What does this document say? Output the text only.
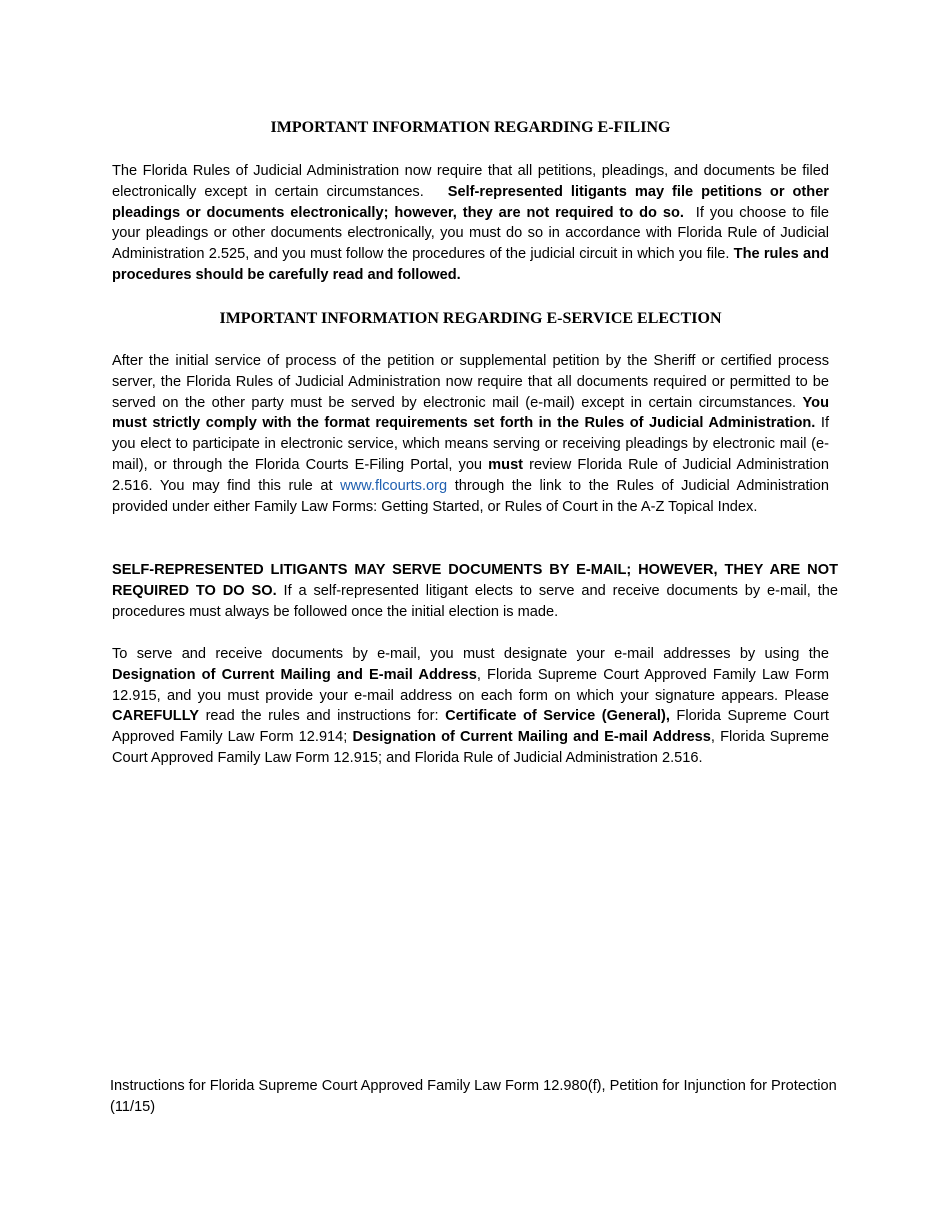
IMPORTANT INFORMATION REGARDING E-FILING

The Florida Rules of Judicial Administration now require that all petitions, pleadings, and documents be filed electronically except in certain circumstances. Self-represented litigants may file petitions or other pleadings or documents electronically; however, they are not required to do so. If you choose to file your pleadings or other documents electronically, you must do so in accordance with Florida Rule of Judicial Administration 2.525, and you must follow the procedures of the judicial circuit in which you file. The rules and procedures should be carefully read and followed.

IMPORTANT INFORMATION REGARDING E-SERVICE ELECTION

After the initial service of process of the petition or supplemental petition by the Sheriff or certified process server, the Florida Rules of Judicial Administration now require that all documents required or permitted to be served on the other party must be served by electronic mail (e-mail) except in certain circumstances. You must strictly comply with the format requirements set forth in the Rules of Judicial Administration. If you elect to participate in electronic service, which means serving or receiving pleadings by electronic mail (e-mail), or through the Florida Courts E-Filing Portal, you must review Florida Rule of Judicial Administration 2.516. You may find this rule at www.flcourts.org through the link to the Rules of Judicial Administration provided under either Family Law Forms: Getting Started, or Rules of Court in the A-Z Topical Index.

SELF-REPRESENTED LITIGANTS MAY SERVE DOCUMENTS BY E-MAIL; HOWEVER, THEY ARE NOT REQUIRED TO DO SO. If a self-represented litigant elects to serve and receive documents by e-mail, the procedures must always be followed once the initial election is made.

To serve and receive documents by e-mail, you must designate your e-mail addresses by using the Designation of Current Mailing and E-mail Address, Florida Supreme Court Approved Family Law Form 12.915, and you must provide your e-mail address on each form on which your signature appears. Please CAREFULLY read the rules and instructions for: Certificate of Service (General), Florida Supreme Court Approved Family Law Form 12.914; Designation of Current Mailing and E-mail Address, Florida Supreme Court Approved Family Law Form 12.915; and Florida Rule of Judicial Administration 2.516.

Instructions for Florida Supreme Court Approved Family Law Form 12.980(f), Petition for Injunction for Protection (11/15)
